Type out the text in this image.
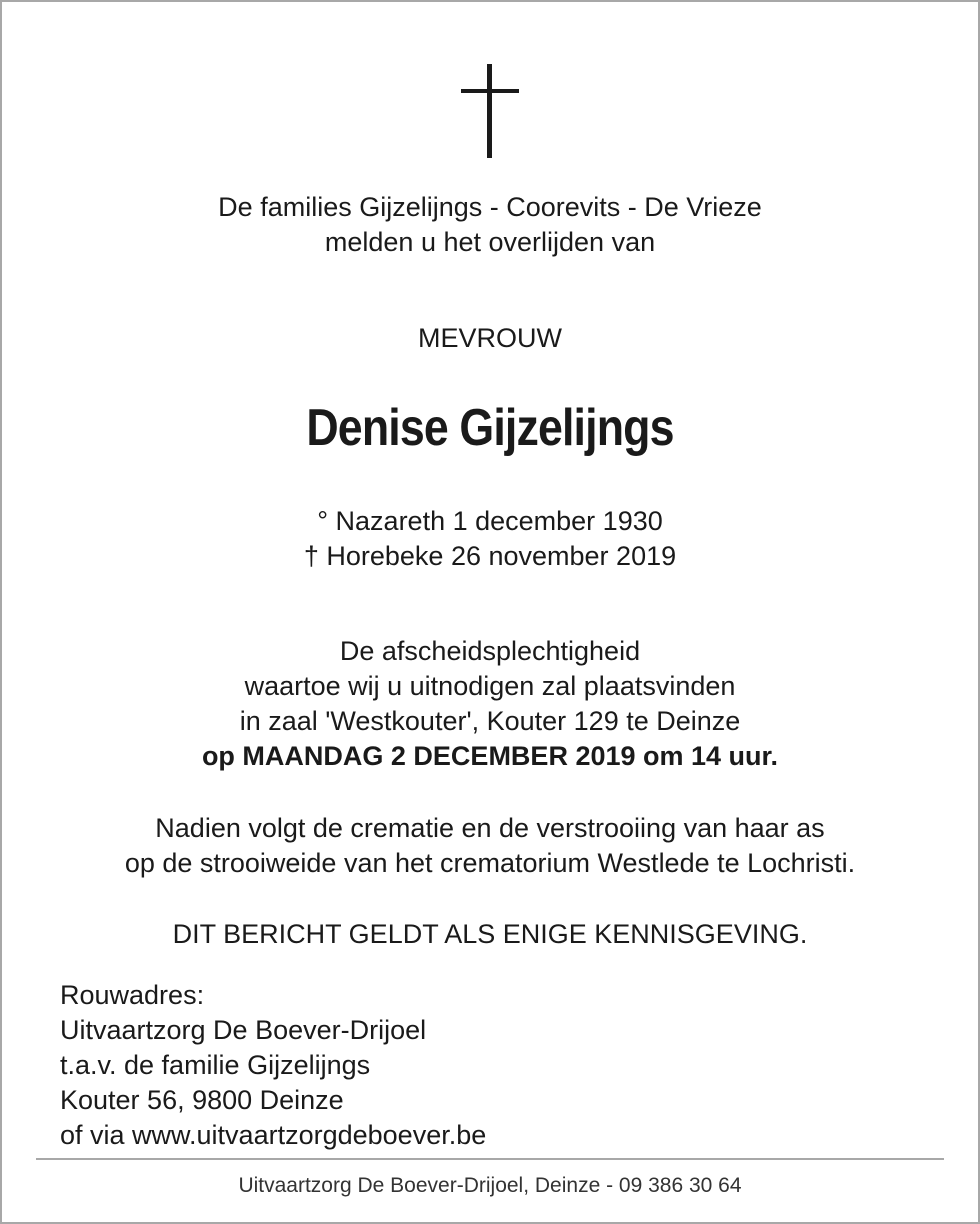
De families Gijzelijngs - Coorevits - De Vrieze
melden u het overlijden van
MEVROUW
Denise Gijzelijngs
° Nazareth 1 december 1930
† Horebeke 26 november 2019
De afscheidsplechtigheid
waartoe wij u uitnodigen zal plaatsvinden
in zaal 'Westkouter', Kouter 129 te Deinze
op MAANDAG 2 DECEMBER 2019 om 14 uur.
Nadien volgt de crematie en de verstrooiing van haar as
op de strooiweide van het crematorium Westlede te Lochristi.
DIT BERICHT GELDT ALS ENIGE KENNISGEVING.
Rouwadres:
Uitvaartzorg De Boever-Drijoel
t.a.v. de familie Gijzelijngs
Kouter 56, 9800 Deinze
of via www.uitvaartzorgdeboever.be
Uitvaartzorg De Boever-Drijoel, Deinze - 09 386 30 64
